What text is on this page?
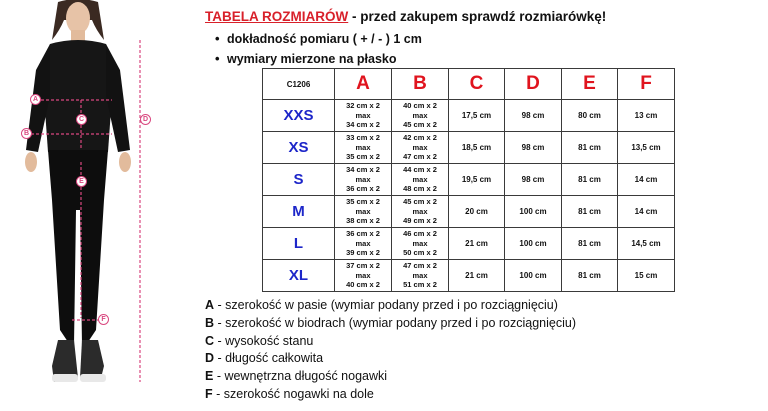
A
B
C	D
E
F
TABELA ROZMIARÓW - przed zakupem sprawdź rozmiarówkę!
• dokładność pomiaru ( + / - ) 1 cm
• wymiary mierzone na płasko
C1206	A	B	C	D	E	F
XXS	32 cm x 2
max
34 cm x 2	40 cm x 2
max
45 cm x 2	17,5 cm	98 cm	80 cm	13 cm
XS	33 cm x 2
max
35 cm x 2	42 cm x 2
max
47 cm x 2	18,5 cm	98 cm	81 cm	13,5 cm
S	34 cm x 2
max
36 cm x 2	44 cm x 2
max
48 cm x 2	19,5 cm	98 cm	81 cm	14 cm
M	35 cm x 2
max
38 cm x 2	45 cm x 2
max
49 cm x 2	20 cm	100 cm	81 cm	14 cm
L	36 cm x 2
max
39 cm x 2	46 cm x 2
max
50 cm x 2	21 cm	100 cm	81 cm	14,5 cm
XL	37 cm x 2
max
40 cm x 2	47 cm x 2
max
51 cm x 2	21 cm	100 cm	81 cm	15 cm
A - szerokość w pasie (wymiar podany przed i po rozciągnięciu)
B - szerokość w biodrach (wymiar podany przed i po rozciągnięciu)
C - wysokość stanu
D - długość całkowita
E - wewnętrzna długość nogawki
F - szerokość nogawki na dole
